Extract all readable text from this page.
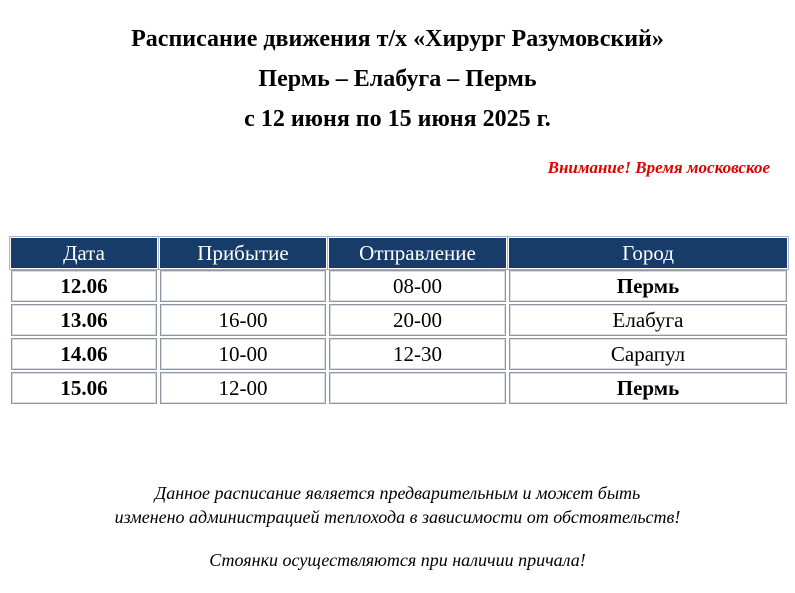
Расписание движения т/х «Хирург Разумовский»
Пермь – Елабуга – Пермь
с 12 июня по 15 июня 2025 г.
Внимание! Время московское
Дата	Прибытие	Отправление	Город
12.06		08-00	Пермь
13.06	16-00	20-00	Елабуга
14.06	10-00	12-30	Сарапул
15.06	12-00		Пермь
Данное расписание является предварительным и может быть
изменено администрацией теплохода в зависимости от обстоятельств!
Стоянки осуществляются при наличии причала!
